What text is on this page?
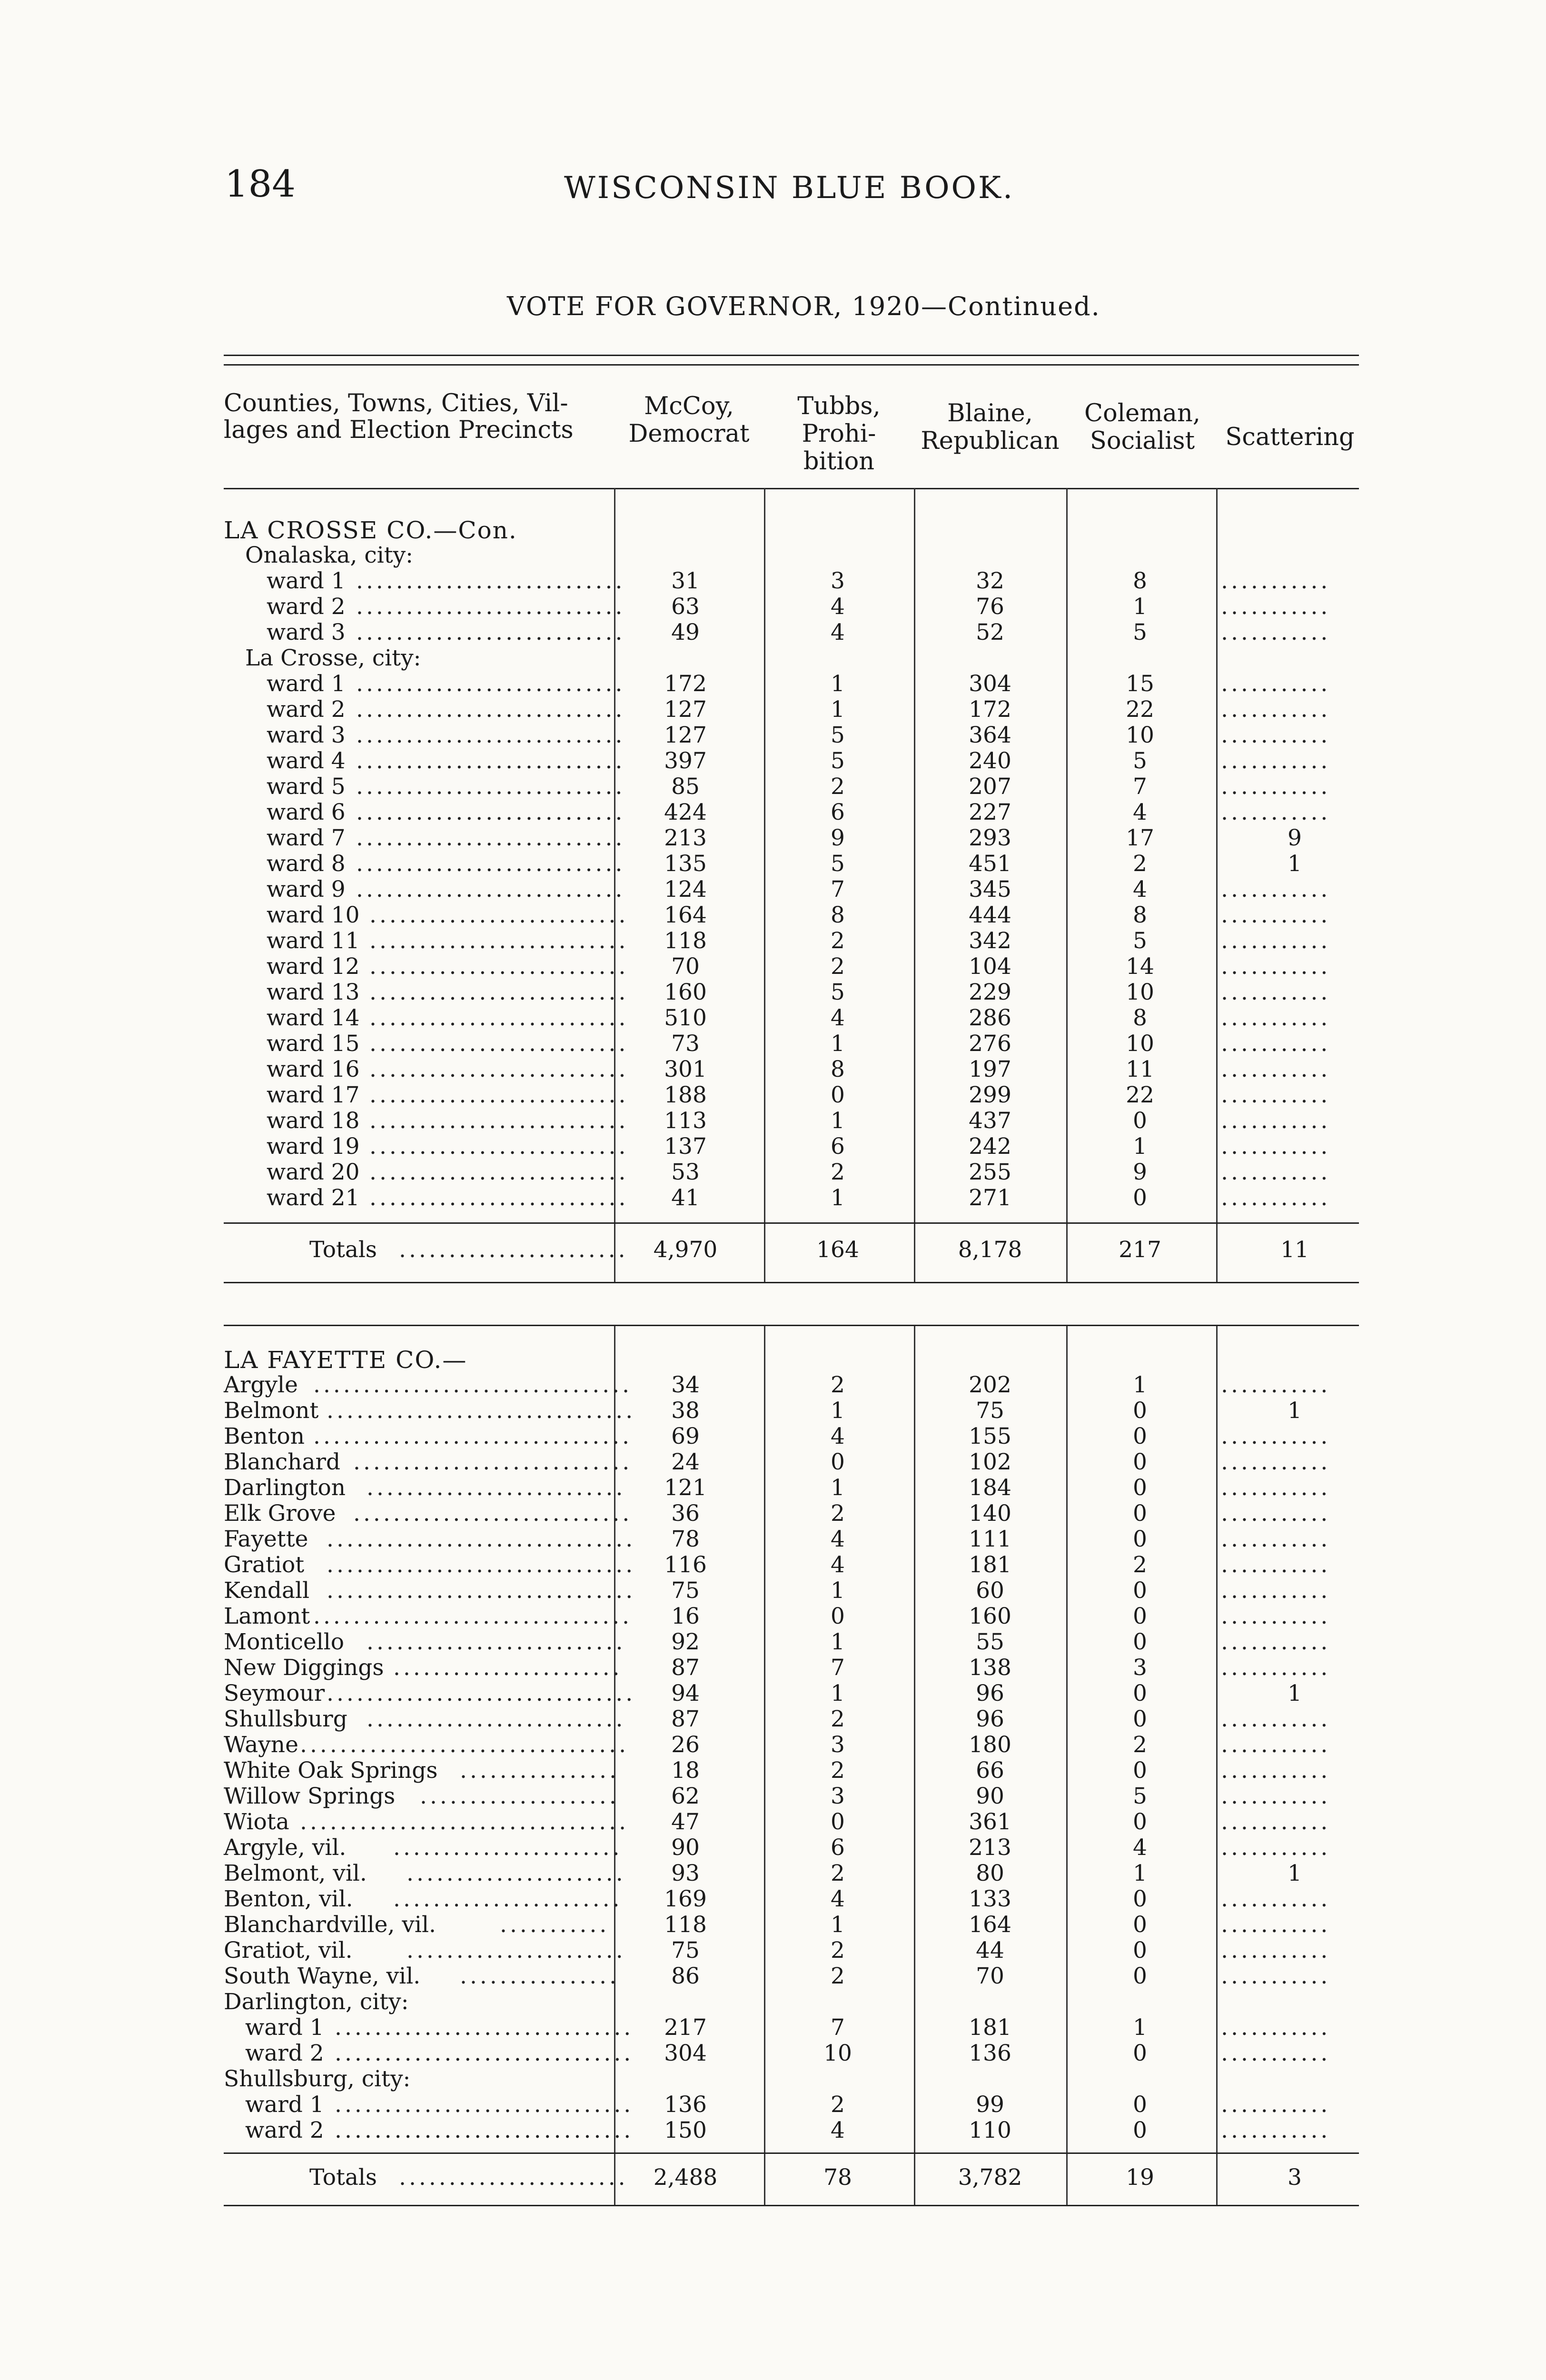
184	WISCONSIN BLUE BOOK.
VOTE FOR GOVERNOR, 1920—Continued.
Counties, Towns, Cities, Vil-
lages and Election Precincts
McCoy,
Democrat
Tubbs,
Prohi-
bition
Blaine,
Republican
Coleman,
Socialist	Scattering
LA CROSSE CO.—Con.
Onalaska, city:
ward 1 ...........................	31	3	32	8	...........
ward 2 ...........................	63	4	76	1	...........
ward 3 ...........................	49	4	52	5	...........
La Crosse, city:
ward 1 ...........................	172	1	304	15	...........
ward 2 ...........................	127	1	172	22	...........
ward 3 ...........................	127	5	364	10	...........
ward 4 ...........................	397	5	240	5	...........
ward 5 ...........................	85	2	207	7	...........
ward 6 ...........................	424	6	227	4	...........
ward 7 ...........................	213	9	293	17	9
ward 8 ...........................	135	5	451	2	1
ward 9 ...........................	124	7	345	4	...........
ward 10 ..........................	164	8	444	8	...........
ward 11 ..........................	118	2	342	5	...........
ward 12 ..........................	70	2	104	14	...........
ward 13 ..........................	160	5	229	10	...........
ward 14 ..........................	510	4	286	8	...........
ward 15 ..........................	73	1	276	10	...........
ward 16 ..........................	301	8	197	11	...........
ward 17 ..........................	188	0	299	22	...........
ward 18 ..........................	113	1	437	0	...........
ward 19 ..........................	137	6	242	1	...........
ward 20 ..........................	53	2	255	9	...........
ward 21 ..........................	41	1	271	0	...........
Totals .......................	4,970	164	8,178	217	11
LA FAYETTE CO.—
Argyle ................................	34	2	202	1	...........
Belmont ...............................	38	1	75	0	1
Benton ................................	69	4	155	0	...........
Blanchard ............................	24	0	102	0	...........
Darlington ..........................	121	1	184	0	...........
Elk Grove ............................	36	2	140	0	...........
Fayette ...............................	78	4	111	0	...........
Gratiot ...............................	116	4	181	2	...........
Kendall ...............................	75	1	60	0	...........
Lamont ................................	16	0	160	0	...........
Monticello ..........................	92	1	55	0	...........
New Diggings .......................	87	7	138	3	...........
Seymour ...............................	94	1	96	0	1
Shullsburg ..........................	87	2	96	0	...........
Wayne .................................	26	3	180	2	...........
White Oak Springs ................	18	2	66	0	...........
Willow Springs ....................	62	3	90	5	...........
Wiota .................................	47	0	361	0	...........
Argyle, vil. .......................	90	6	213	4	...........
Belmont, vil. ......................	93	2	80	1	1
Benton, vil. .......................	169	4	133	0	...........
Blanchardville, vil.	...........	118	1	164	0	...........
Gratiot, vil. ......................	75	2	44	0	...........
South Wayne, vil. ................	86	2	70	0	...........
Darlington, city:
ward 1 ..............................	217	7	181	1	...........
ward 2 ..............................	304	10	136	0	...........
Shullsburg, city:
ward 1 ..............................	136	2	99	0	...........
ward 2 ..............................	150	4	110	0	...........
Totals .......................	2,488	78	3,782	19	3
